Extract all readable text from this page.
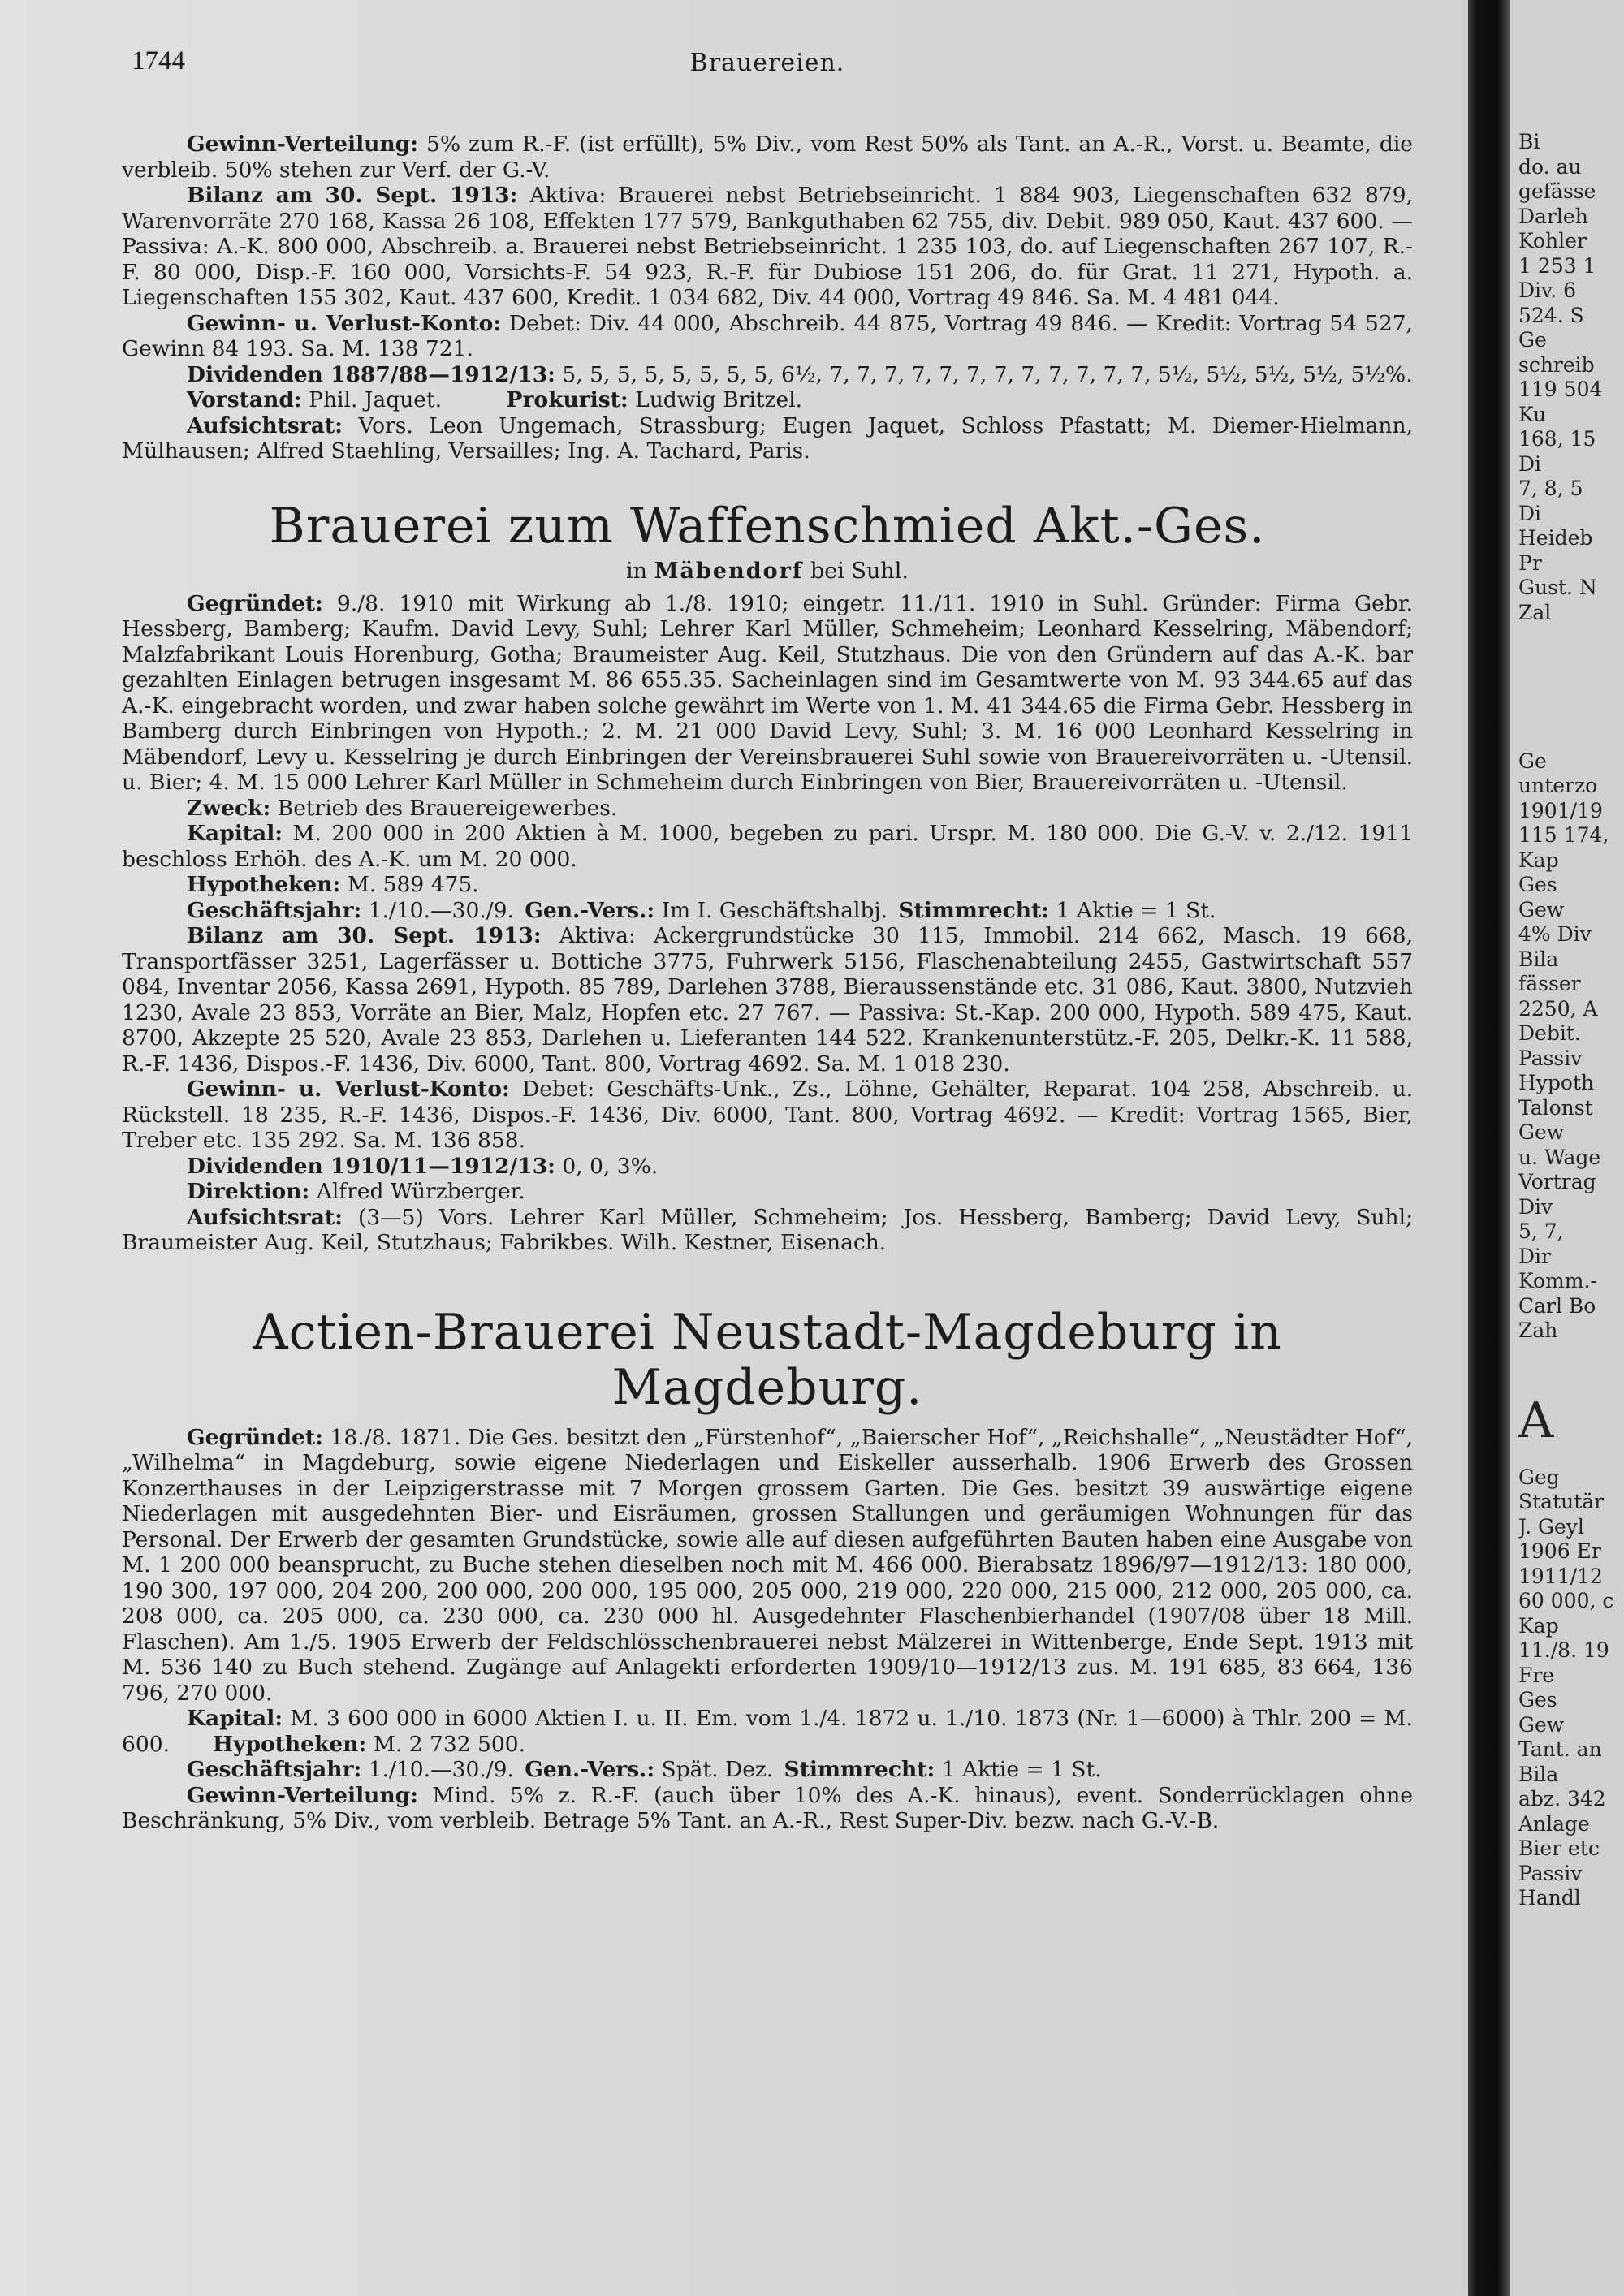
1744	Brauereien.

Gewinn-Verteilung: 5% zum R.-F. (ist erfüllt), 5% Div., vom Rest 50% als Tant. an A.-R., Vorst. u. Beamte, die verbleib. 50% stehen zur Verf. der G.-V.

Bilanz am 30. Sept. 1913: Aktiva: Brauerei nebst Betriebseinricht. 1 884 903, Liegenschaften 632 879, Warenvorräte 270 168, Kassa 26 108, Effekten 177 579, Bankguthaben 62 755, div. Debit. 989 050, Kaut. 437 600. — Passiva: A.-K. 800 000, Abschreib. a. Brauerei nebst Betriebseinricht. 1 235 103, do. auf Liegenschaften 267 107, R.-F. 80 000, Disp.-F. 160 000, Vorsichts-F. 54 923, R.-F. für Dubiose 151 206, do. für Grat. 11 271, Hypoth. a. Liegenschaften 155 302, Kaut. 437 600, Kredit. 1 034 682, Div. 44 000, Vortrag 49 846. Sa. M. 4 481 044.

Gewinn- u. Verlust-Konto: Debet: Div. 44 000, Abschreib. 44 875, Vortrag 49 846. — Kredit: Vortrag 54 527, Gewinn 84 193. Sa. M. 138 721.

Dividenden 1887/88—1912/13: 5, 5, 5, 5, 5, 5, 5, 5, 6½, 7, 7, 7, 7, 7, 7, 7, 7, 7, 7, 7, 7, 5½, 5½, 5½, 5½, 5½%.

Vorstand: Phil. Jaquet.   	Prokurist: Ludwig Britzel.

Aufsichtsrat: Vors. Leon Ungemach, Strassburg; Eugen Jaquet, Schloss Pfastatt; M. Diemer-Hielmann, Mülhausen; Alfred Staehling, Versailles; Ing. A. Tachard, Paris.

Brauerei zum Waffenschmied Akt.-Ges.
in Mäbendorf bei Suhl.

Gegründet: 9./8. 1910 mit Wirkung ab 1./8. 1910; eingetr. 11./11. 1910 in Suhl. Gründer: Firma Gebr. Hessberg, Bamberg; Kaufm. David Levy, Suhl; Lehrer Karl Müller, Schmeheim; Leonhard Kesselring, Mäbendorf; Malzfabrikant Louis Horenburg, Gotha; Braumeister Aug. Keil, Stutzhaus. Die von den Gründern auf das A.-K. bar gezahlten Einlagen betrugen insgesamt M. 86 655.35. Sacheinlagen sind im Gesamtwerte von M. 93 344.65 auf das A.-K. eingebracht worden, und zwar haben solche gewährt im Werte von 1. M. 41 344.65 die Firma Gebr. Hessberg in Bamberg durch Einbringen von Hypoth.; 2. M. 21 000 David Levy, Suhl; 3. M. 16 000 Leonhard Kesselring in Mäbendorf, Levy u. Kesselring je durch Einbringen der Vereinsbrauerei Suhl sowie von Brauereivorräten u. -Utensil. u. Bier; 4. M. 15 000 Lehrer Karl Müller in Schmeheim durch Einbringen von Bier, Brauereivorräten u. -Utensil.

Zweck: Betrieb des Brauereigewerbes.

Kapital: M. 200 000 in 200 Aktien à M. 1000, begeben zu pari. Urspr. M. 180 000. Die G.-V. v. 2./12. 1911 beschloss Erhöh. des A.-K. um M. 20 000.

Hypotheken: M. 589 475.

Geschäftsjahr: 1./10.—30./9.  Gen.-Vers.: Im I. Geschäftshalbj.  Stimmrecht: 1 Aktie = 1 St.

Bilanz am 30. Sept. 1913: Aktiva: Ackergrundstücke 30 115, Immobil. 214 662, Masch. 19 668, Transportfässer 3251, Lagerfässer u. Bottiche 3775, Fuhrwerk 5156, Flaschenabteilung 2455, Gastwirtschaft 557 084, Inventar 2056, Kassa 2691, Hypoth. 85 789, Darlehen 3788, Bieraussenstände etc. 31 086, Kaut. 3800, Nutzvieh 1230, Avale 23 853, Vorräte an Bier, Malz, Hopfen etc. 27 767. — Passiva: St.-Kap. 200 000, Hypoth. 589 475, Kaut. 8700, Akzepte 25 520, Avale 23 853, Darlehen u. Lieferanten 144 522. Krankenunterstütz.-F. 205, Delkr.-K. 11 588, R.-F. 1436, Dispos.-F. 1436, Div. 6000, Tant. 800, Vortrag 4692. Sa. M. 1 018 230.

Gewinn- u. Verlust-Konto: Debet: Geschäfts-Unk., Zs., Löhne, Gehälter, Reparat. 104 258, Abschreib. u. Rückstell. 18 235, R.-F. 1436, Dispos.-F. 1436, Div. 6000, Tant. 800, Vortrag 4692. — Kredit: Vortrag 1565, Bier, Treber etc. 135 292. Sa. M. 136 858.

Dividenden 1910/11—1912/13: 0, 0, 3%.

Direktion: Alfred Würzberger.

Aufsichtsrat: (3—5) Vors. Lehrer Karl Müller, Schmeheim; Jos. Hessberg, Bamberg; David Levy, Suhl; Braumeister Aug. Keil, Stutzhaus; Fabrikbes. Wilh. Kestner, Eisenach.

Actien-Brauerei Neustadt-Magdeburg in Magdeburg.

Gegründet: 18./8. 1871. Die Ges. besitzt den „Fürstenhof“, „Baierscher Hof“, „Reichshalle“, „Neustädter Hof“, „Wilhelma“ in Magdeburg, sowie eigene Niederlagen und Eiskeller ausserhalb. 1906 Erwerb des Grossen Konzerthauses in der Leipzigerstrasse mit 7 Morgen grossem Garten. Die Ges. besitzt 39 auswärtige eigene Niederlagen mit ausgedehnten Bier- und Eisräumen, grossen Stallungen und geräumigen Wohnungen für das Personal. Der Erwerb der gesamten Grundstücke, sowie alle auf diesen aufgeführten Bauten haben eine Ausgabe von M. 1 200 000 beansprucht, zu Buche stehen dieselben noch mit M. 466 000. Bierabsatz 1896/97—1912/13: 180 000, 190 300, 197 000, 204 200, 200 000, 200 000, 195 000, 205 000, 219 000, 220 000, 215 000, 212 000, 205 000, ca. 208 000, ca. 205 000, ca. 230 000, ca. 230 000 hl. Ausgedehnter Flaschenbierhandel (1907/08 über 18 Mill. Flaschen). Am 1./5. 1905 Erwerb der Feldschlösschenbrauerei nebst Mälzerei in Wittenberge, Ende Sept. 1913 mit M. 536 140 zu Buch stehend. Zugänge auf Anlagekti erforderten 1909/10—1912/13 zus. M. 191 685, 83 664, 136 796, 270 000.

Kapital: M. 3 600 000 in 6000 Aktien I. u. II. Em. vom 1./4. 1872 u. 1./10. 1873 (Nr. 1—6000) à Thlr. 200 = M. 600.   Hypotheken: M. 2 732 500.

Geschäftsjahr: 1./10.—30./9.  Gen.-Vers.: Spät. Dez.  Stimmrecht: 1 Aktie = 1 St.

Gewinn-Verteilung: Mind. 5% z. R.-F. (auch über 10% des A.-K. hinaus), event. Sonderrücklagen ohne Beschränkung, 5% Div., vom verbleib. Betrage 5% Tant. an A.-R., Rest Super-Div. bezw. nach G.-V.-B.

Bi
do. au
gefässe
Darleh
Kohler
1 253 1
Div. 6
524. S
Ge
schreib
119 504
Ku
168, 15
Di
7, 8, 5
Di
Heideb
Pr
Gust. N
Zal

Ge
unterzo
1901/19
115 174,
Kap
Ges
Gew
4% Div
Bila
fässer
2250, A
Debit.
Passiv
Hypoth
Talonst
Gew
u. Wage
Vortrag
Div
5, 7,
Dir
Komm.-
Carl Bo
Zah
A
Geg
Statutär
J. Geyl
1906 Er
1911/12
60 000, c
Kap
11./8. 19
Fre
Ges
Gew
Tant. an
Bila
abz. 342
Anlage
Bier etc
Passiv
Handl
